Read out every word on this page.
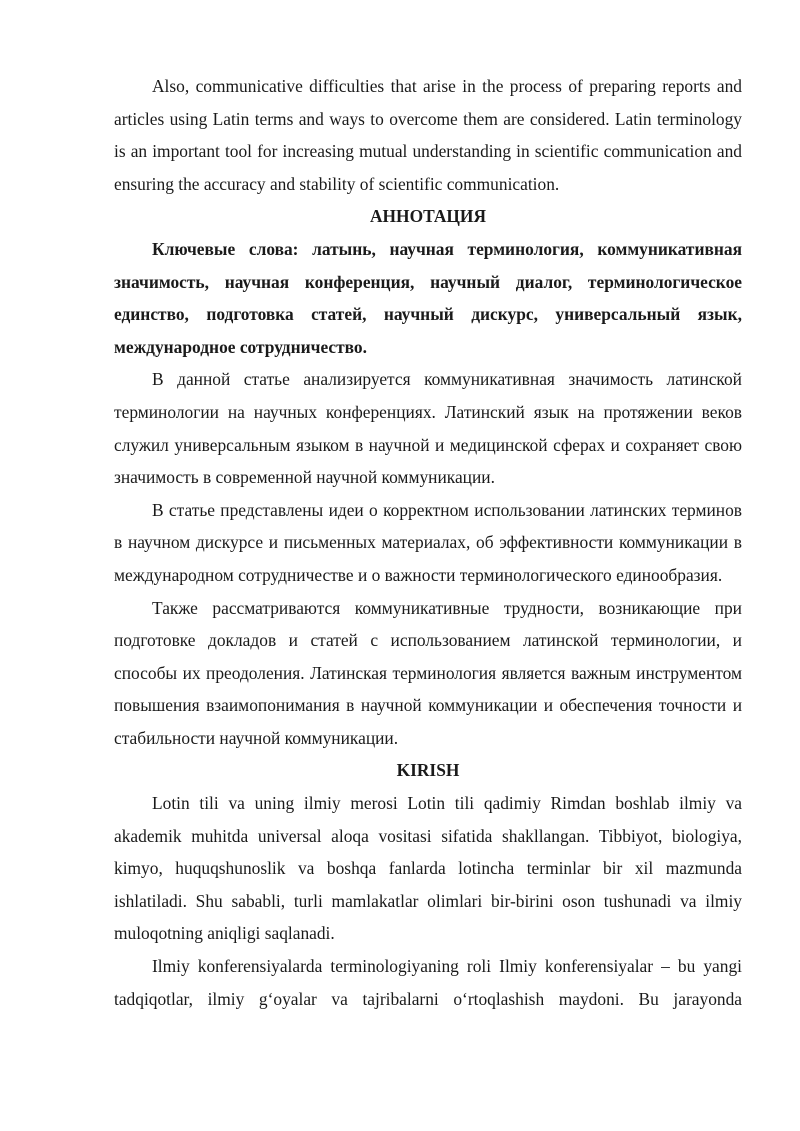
Also, communicative difficulties that arise in the process of preparing reports and articles using Latin terms and ways to overcome them are considered. Latin terminology is an important tool for increasing mutual understanding in scientific communication and ensuring the accuracy and stability of scientific communication.

АННОТАЦИЯ

Ключевые слова: латынь, научная терминология, коммуникативная значимость, научная конференция, научный диалог, терминологическое единство, подготовка статей, научный дискурс, универсальный язык, международное сотрудничество.

В данной статье анализируется коммуникативная значимость латинской терминологии на научных конференциях. Латинский язык на протяжении веков служил универсальным языком в научной и медицинской сферах и сохраняет свою значимость в современной научной коммуникации.

В статье представлены идеи о корректном использовании латинских терминов в научном дискурсе и письменных материалах, об эффективности коммуникации в международном сотрудничестве и о важности терминологического единообразия.

Также рассматриваются коммуникативные трудности, возникающие при подготовке докладов и статей с использованием латинской терминологии, и способы их преодоления. Латинская терминология является важным инструментом повышения взаимопонимания в научной коммуникации и обеспечения точности и стабильности научной коммуникации.

KIRISH

Lotin tili va uning ilmiy merosi Lotin tili qadimiy Rimdan boshlab ilmiy va akademik muhitda universal aloqa vositasi sifatida shakllangan. Tibbiyot, biologiya, kimyo, huquqshunoslik va boshqa fanlarda lotincha terminlar bir xil mazmunda ishlatiladi. Shu sababli, turli mamlakatlar olimlari bir-birini oson tushunadi va ilmiy muloqotning aniqligi saqlanadi.

Ilmiy konferensiyalarda terminologiyaning roli Ilmiy konferensiyalar – bu yangi tadqiqotlar, ilmiy g‘oyalar va tajribalarni o‘rtoqlashish maydoni. Bu jarayonda
